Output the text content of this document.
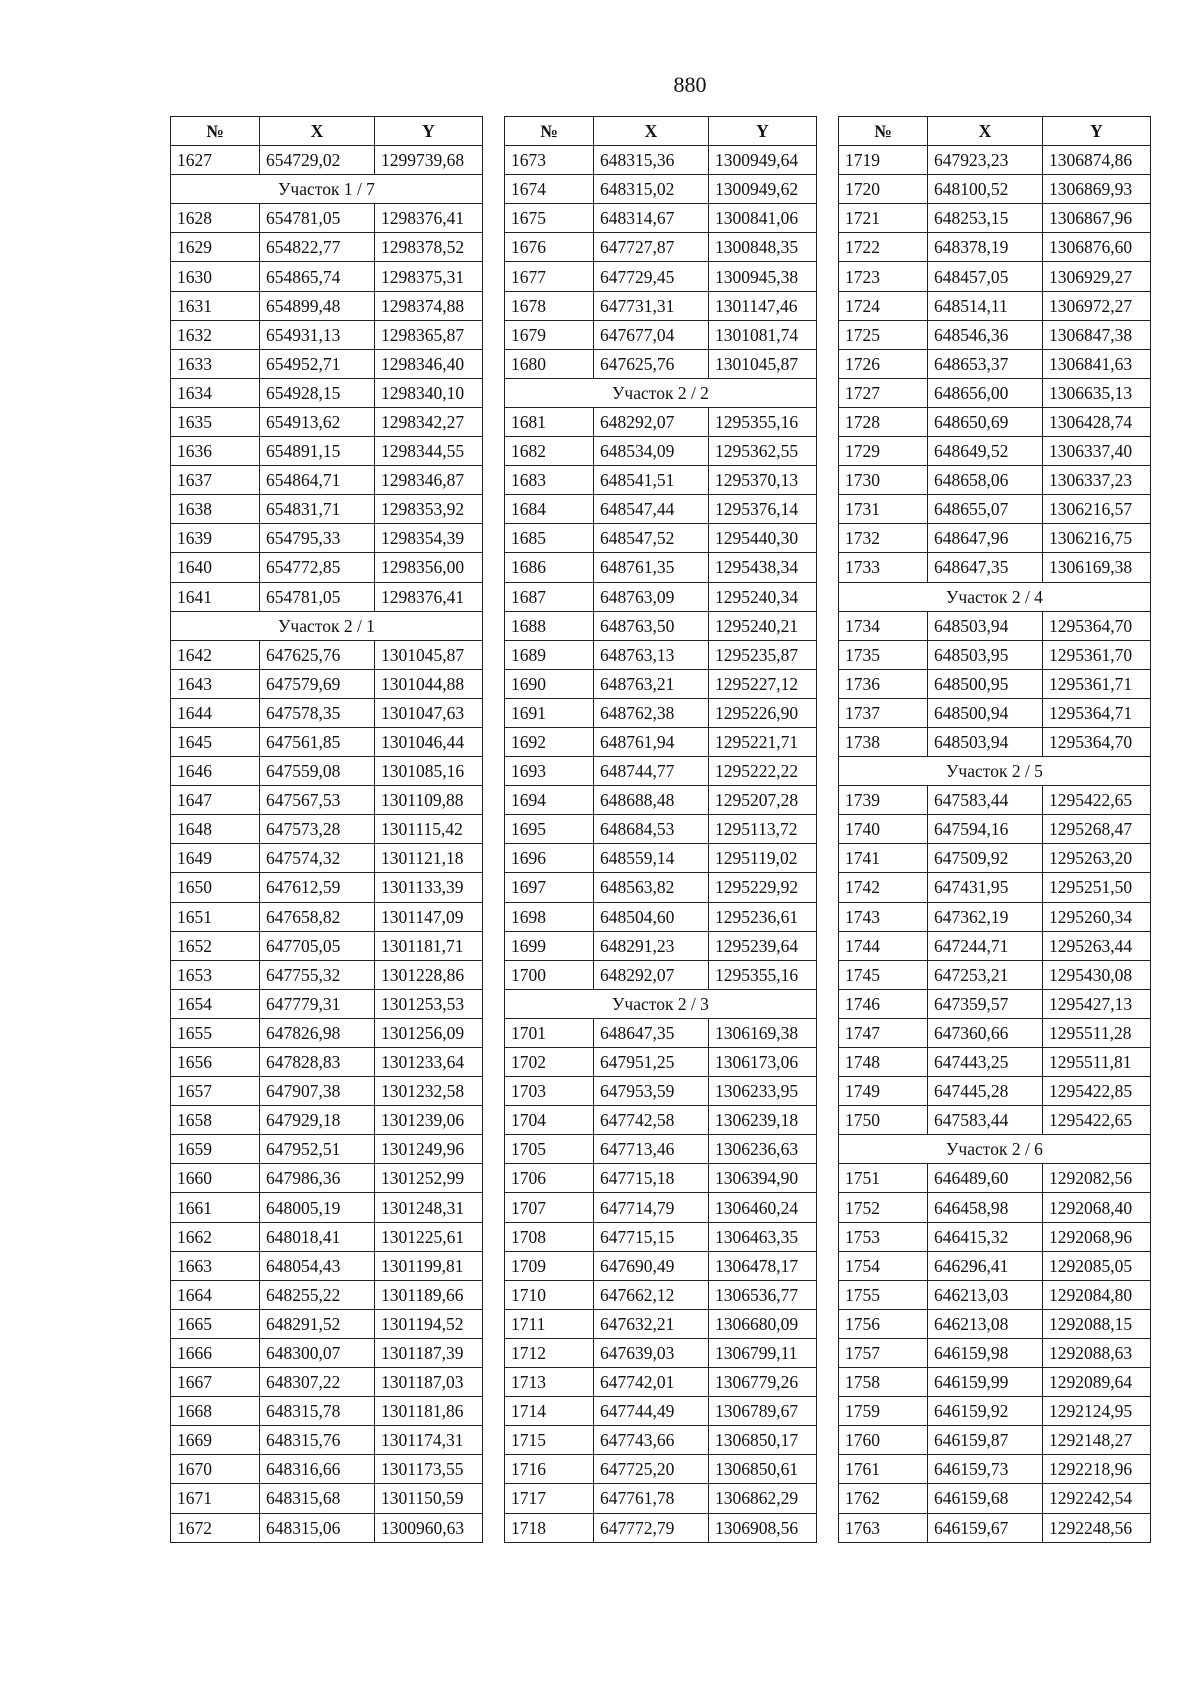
880
№	X	Y
1627	654729,02	1299739,68
Участок 1 / 7		
1628	654781,05	1298376,41
1629	654822,77	1298378,52
1630	654865,74	1298375,31
1631	654899,48	1298374,88
1632	654931,13	1298365,87
1633	654952,71	1298346,40
1634	654928,15	1298340,10
1635	654913,62	1298342,27
1636	654891,15	1298344,55
1637	654864,71	1298346,87
1638	654831,71	1298353,92
1639	654795,33	1298354,39
1640	654772,85	1298356,00
1641	654781,05	1298376,41
Участок 2 / 1		
1642	647625,76	1301045,87
1643	647579,69	1301044,88
1644	647578,35	1301047,63
1645	647561,85	1301046,44
1646	647559,08	1301085,16
1647	647567,53	1301109,88
1648	647573,28	1301115,42
1649	647574,32	1301121,18
1650	647612,59	1301133,39
1651	647658,82	1301147,09
1652	647705,05	1301181,71
1653	647755,32	1301228,86
1654	647779,31	1301253,53
1655	647826,98	1301256,09
1656	647828,83	1301233,64
1657	647907,38	1301232,58
1658	647929,18	1301239,06
1659	647952,51	1301249,96
1660	647986,36	1301252,99
1661	648005,19	1301248,31
1662	648018,41	1301225,61
1663	648054,43	1301199,81
1664	648255,22	1301189,66
1665	648291,52	1301194,52
1666	648300,07	1301187,39
1667	648307,22	1301187,03
1668	648315,78	1301181,86
1669	648315,76	1301174,31
1670	648316,66	1301173,55
1671	648315,68	1301150,59
1672	648315,06	1300960,63
№	X	Y
1673	648315,36	1300949,64
1674	648315,02	1300949,62
1675	648314,67	1300841,06
1676	647727,87	1300848,35
1677	647729,45	1300945,38
1678	647731,31	1301147,46
1679	647677,04	1301081,74
1680	647625,76	1301045,87
Участок 2 / 2		
1681	648292,07	1295355,16
1682	648534,09	1295362,55
1683	648541,51	1295370,13
1684	648547,44	1295376,14
1685	648547,52	1295440,30
1686	648761,35	1295438,34
1687	648763,09	1295240,34
1688	648763,50	1295240,21
1689	648763,13	1295235,87
1690	648763,21	1295227,12
1691	648762,38	1295226,90
1692	648761,94	1295221,71
1693	648744,77	1295222,22
1694	648688,48	1295207,28
1695	648684,53	1295113,72
1696	648559,14	1295119,02
1697	648563,82	1295229,92
1698	648504,60	1295236,61
1699	648291,23	1295239,64
1700	648292,07	1295355,16
Участок 2 / 3		
1701	648647,35	1306169,38
1702	647951,25	1306173,06
1703	647953,59	1306233,95
1704	647742,58	1306239,18
1705	647713,46	1306236,63
1706	647715,18	1306394,90
1707	647714,79	1306460,24
1708	647715,15	1306463,35
1709	647690,49	1306478,17
1710	647662,12	1306536,77
1711	647632,21	1306680,09
1712	647639,03	1306799,11
1713	647742,01	1306779,26
1714	647744,49	1306789,67
1715	647743,66	1306850,17
1716	647725,20	1306850,61
1717	647761,78	1306862,29
1718	647772,79	1306908,56
№	X	Y
1719	647923,23	1306874,86
1720	648100,52	1306869,93
1721	648253,15	1306867,96
1722	648378,19	1306876,60
1723	648457,05	1306929,27
1724	648514,11	1306972,27
1725	648546,36	1306847,38
1726	648653,37	1306841,63
1727	648656,00	1306635,13
1728	648650,69	1306428,74
1729	648649,52	1306337,40
1730	648658,06	1306337,23
1731	648655,07	1306216,57
1732	648647,96	1306216,75
1733	648647,35	1306169,38
Участок 2 / 4		
1734	648503,94	1295364,70
1735	648503,95	1295361,70
1736	648500,95	1295361,71
1737	648500,94	1295364,71
1738	648503,94	1295364,70
Участок 2 / 5		
1739	647583,44	1295422,65
1740	647594,16	1295268,47
1741	647509,92	1295263,20
1742	647431,95	1295251,50
1743	647362,19	1295260,34
1744	647244,71	1295263,44
1745	647253,21	1295430,08
1746	647359,57	1295427,13
1747	647360,66	1295511,28
1748	647443,25	1295511,81
1749	647445,28	1295422,85
1750	647583,44	1295422,65
Участок 2 / 6		
1751	646489,60	1292082,56
1752	646458,98	1292068,40
1753	646415,32	1292068,96
1754	646296,41	1292085,05
1755	646213,03	1292084,80
1756	646213,08	1292088,15
1757	646159,98	1292088,63
1758	646159,99	1292089,64
1759	646159,92	1292124,95
1760	646159,87	1292148,27
1761	646159,73	1292218,96
1762	646159,68	1292242,54
1763	646159,67	1292248,56
